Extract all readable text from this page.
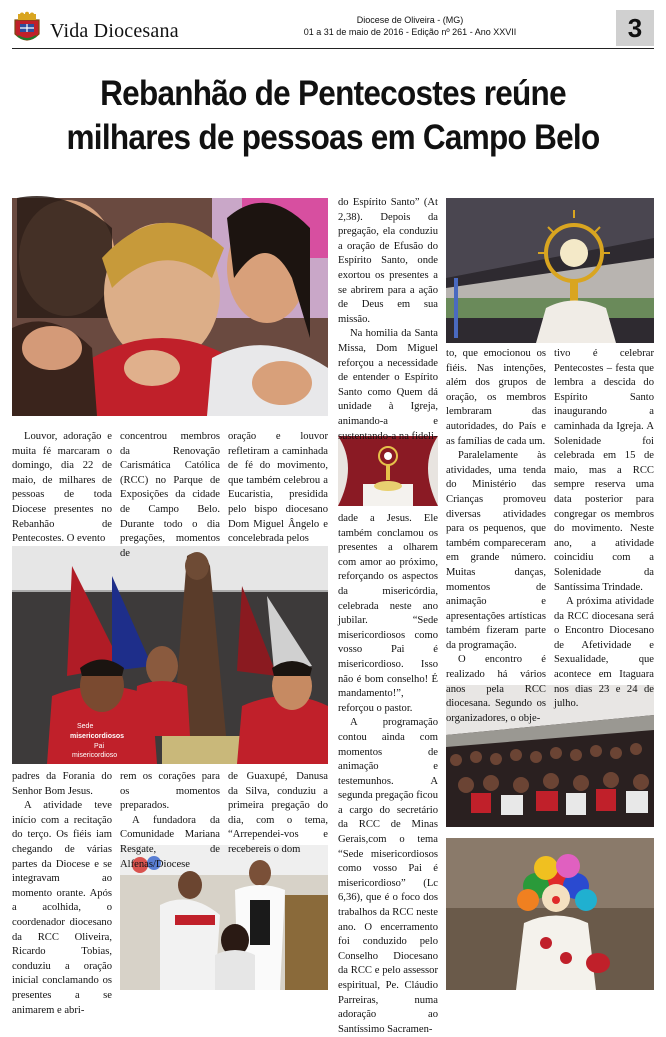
Vida Diocesana	Diocese de Oliveira - (MG)
01 a 31 de maio de 2016 - Edição nº 261 - Ano XXVII	3
Rebanhão de Pentecostes reúne milhares de pessoas em Campo Belo
Sede
misericordiosos
Pai
misericordioso

Louvor, adoração e muita fé marcaram o domingo, dia 22 de maio, de milhares de pessoas de toda Diocese presentes no Rebanhão de Pentecostes. O evento

concentrou membros da Renovação Carismática Católica (RCC) no Parque de Exposições da cidade de Campo Belo. Durante todo o dia pregações, momentos de

oração e louvor refletiram a caminhada de fé do movimento, que também celebrou a Eucaristia, presidida pelo bispo diocesano Dom Miguel Ângelo e concelebrada pelos

do Espírito Santo” (At 2,38). Depois da pregação, ela conduziu a oração de Efusão do Espírito Santo, onde exortou os presentes a se abrirem para a ação de Deus em sua missão.

Na homilia da Santa Missa, Dom Miguel reforçou a necessidade de entender o Espírito Santo como Quem dá unidade à Igreja, animando-a e sustentando-a na fideli-

dade a Jesus. Ele também conclamou os presentes a olharem com amor ao próximo, reforçando os aspectos da misericórdia, celebrada neste ano jubilar. “Sede misericordiosos como vosso Pai é misericordioso. Isso não é bom conselho! É mandamento!”, reforçou o pastor.

A programação contou ainda com momentos de animação e testemunhos. A segunda pregação ficou a cargo do secretário da RCC de Minas Gerais,com o tema “Sede misericordiosos como vosso Pai é misericordioso” (Lc 6,36), que é o foco dos trabalhos da RCC neste ano. O encerramento foi conduzido pelo Conselho Diocesano da RCC e pelo assessor espiritual, Pe. Cláudio Parreiras, numa adoração ao Santíssimo Sacramen-

to, que emocionou os fiéis. Nas intenções, além dos grupos de oração, os membros lembraram das autoridades, do País e as famílias de cada um.

Paralelamente às atividades, uma tenda do Ministério das Crianças promoveu diversas atividades para os pequenos, que também compareceram em grande número. Muitas danças, momentos de animação e apresentações artísticas também fizeram parte da programação.

O encontro é realizado há vários anos pela RCC diocesana. Segundo os organizadores, o obje-

tivo é celebrar Pentecostes – festa que lembra a descida do Espírito Santo inaugurando a caminhada da Igreja. A Solenidade foi celebrada em 15 de maio, mas a RCC sempre reserva uma data posterior para congregar os membros do movimento. Neste ano, a atividade coincidiu com a Solenidade da Santíssima Trindade.

A próxima atividade da RCC diocesana será o Encontro Diocesano de Afetividade e Sexualidade, que acontece em Itaguara nos dias 23 e 24 de julho.

padres da Forania do Senhor Bom Jesus.

A atividade teve início com a recitação do terço. Os fiéis iam chegando de várias partes da Diocese e se integravam ao momento orante. Após a acolhida, o coordenador diocesano da RCC Oliveira, Ricardo Tobias, conduziu a oração inicial conclamando os presentes a se animarem e abri-

rem os corações para os momentos preparados.

A fundadora da Comunidade Mariana Resgate, de Alfenas/Diocese

de Guaxupé, Danusa da Silva, conduziu a primeira pregação do dia, com o tema, “Arrependei-vos e recebereis o dom
